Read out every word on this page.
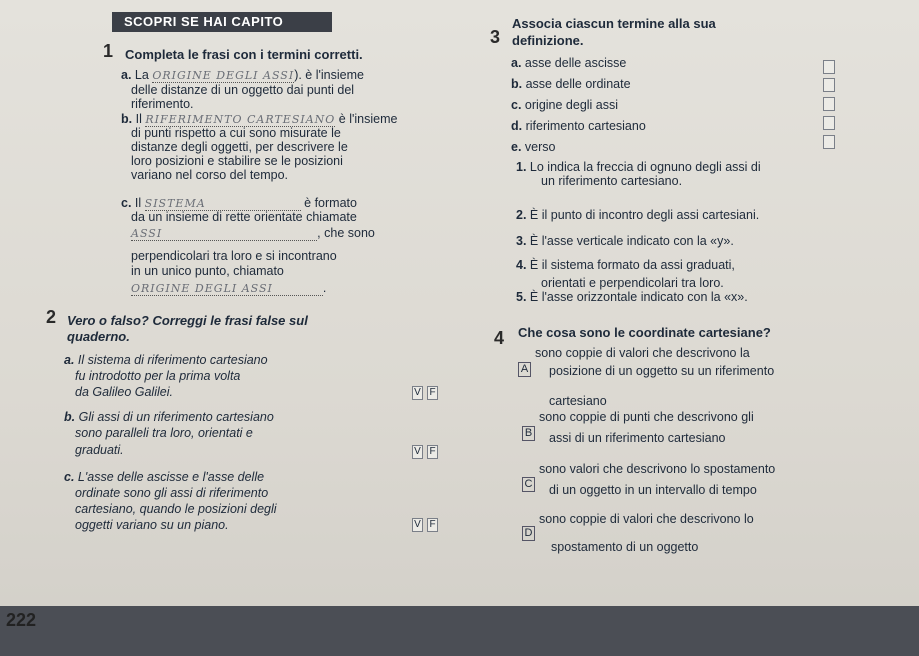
SCOPRI SE HAI CAPITO
1 Completa le frasi con i termini corretti.
a. La ORIGINE DEGLI ASSI). è l'insieme
delle distanze di un oggetto dai punti del
riferimento.
b. Il RIFERIMENTO CARTESIANO è l'insieme
di punti rispetto a cui sono misurate le
distanze degli oggetti, per descrivere le
loro posizioni e stabilire se le posizioni
variano nel corso del tempo.
c. Il SISTEMA	è formato
da un insieme di rette orientate chiamate
ASSI	, che sono
perpendicolari tra loro e si incontrano
in un unico punto, chiamato
ORIGINE DEGLI ASSI	.
2 Vero o falso? Correggi le frasi false sul
quaderno.
a. Il sistema di riferimento cartesiano
fu introdotto per la prima volta
da Galileo Galilei.	V F
b. Gli assi di un riferimento cartesiano
sono paralleli tra loro, orientati e
graduati.	V F
c. L'asse delle ascisse e l'asse delle
ordinate sono gli assi di riferimento
cartesiano, quando le posizioni degli
oggetti variano su un piano.	V F
3
Associa ciascun termine alla sua
definizione.
a. asse delle ascisse
b. asse delle ordinate
c. origine degli assi
d. riferimento cartesiano
e. verso
1. Lo indica la freccia di ognuno degli assi di
un riferimento cartesiano.
2. È il punto di incontro degli assi cartesiani.
3. È l'asse verticale indicato con la «y».
4. È il sistema formato da assi graduati,
orientati e perpendicolari tra loro.
5. È l'asse orizzontale indicato con la «x».
4 Che cosa sono le coordinate cartesiane?
A
sono coppie di valori che descrivono la
posizione di un oggetto su un riferimento
cartesiano
B
sono coppie di punti che descrivono gli
assi di un riferimento cartesiano
C
sono valori che descrivono lo spostamento
di un oggetto in un intervallo di tempo
D
sono coppie di valori che descrivono lo
spostamento di un oggetto
222
